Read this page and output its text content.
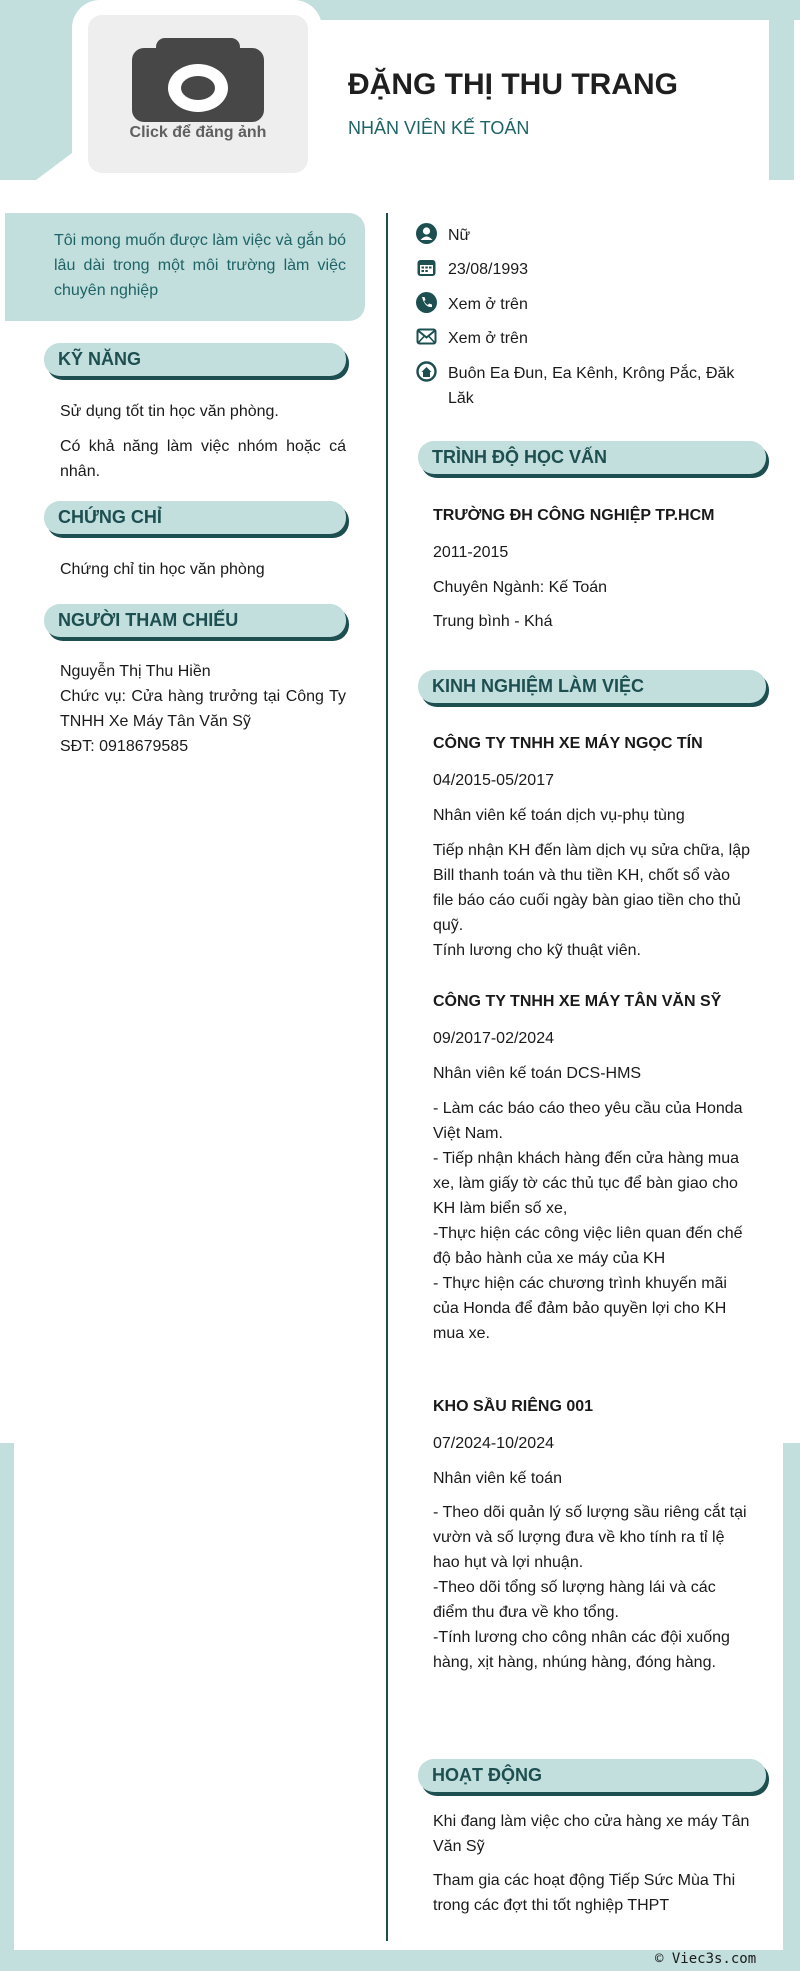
Click để đăng ảnh
ĐẶNG THỊ THU TRANG
NHÂN VIÊN KẾ TOÁN
Tôi mong muốn được làm việc và gắn bó lâu dài trong một môi trường làm việc chuyên nghiệp
KỸ NĂNG
Sử dụng tốt tin học văn phòng.
Có khả năng làm việc nhóm hoặc cá nhân.
CHỨNG CHỈ
Chứng chỉ tin học văn phòng
NGƯỜI THAM CHIẾU
Nguyễn Thị Thu Hiền
Chức vụ: Cửa hàng trưởng tại Công Ty TNHH Xe Máy Tân Văn Sỹ
SĐT: 0918679585
Nữ
23/08/1993
Xem ở trên
Xem ở trên
Buôn Ea Đun, Ea Kênh, Krông Pắc, Đăk Lăk
TRÌNH ĐỘ HỌC VẤN
TRƯỜNG ĐH CÔNG NGHIỆP TP.HCM
2011-2015
Chuyên Ngành: Kế Toán
Trung bình - Khá
KINH NGHIỆM LÀM VIỆC
CÔNG TY TNHH XE MÁY NGỌC TÍN
04/2015-05/2017
Nhân viên kế toán dịch vụ-phụ tùng
Tiếp nhận KH đến làm dịch vụ sửa chữa, lập Bill thanh toán và thu tiền KH, chốt sổ vào file báo cáo cuối ngày bàn giao tiền cho thủ quỹ.
Tính lương cho kỹ thuật viên.
CÔNG TY TNHH XE MÁY TÂN VĂN SỸ
09/2017-02/2024
Nhân viên kế toán DCS-HMS
- Làm các báo cáo theo yêu cầu của Honda Việt Nam.
- Tiếp nhận khách hàng đến cửa hàng mua xe, làm giấy tờ các thủ tục để bàn giao cho KH làm biển số xe,
-Thực hiện các công việc liên quan đến chế độ bảo hành của xe máy của KH
- Thực hiện các chương trình khuyến mãi của Honda để đảm bảo quyền lợi cho KH mua xe.
KHO SẦU RIÊNG 001
07/2024-10/2024
Nhân viên kế toán
- Theo dõi quản lý số lượng sầu riêng cắt tại vườn và số lượng đưa về kho tính ra tỉ lệ hao hụt và lợi nhuận.
-Theo dõi tổng số lượng hàng lái và các điểm thu đưa về kho tổng.
-Tính lương cho công nhân các đội xuống hàng, xịt hàng, nhúng hàng, đóng hàng.
HOẠT ĐỘNG
Khi đang làm việc cho cửa hàng xe máy Tân Văn Sỹ
Tham gia các hoạt động Tiếp Sức Mùa Thi trong các đợt thi tốt nghiệp THPT
© Viec3s.com
